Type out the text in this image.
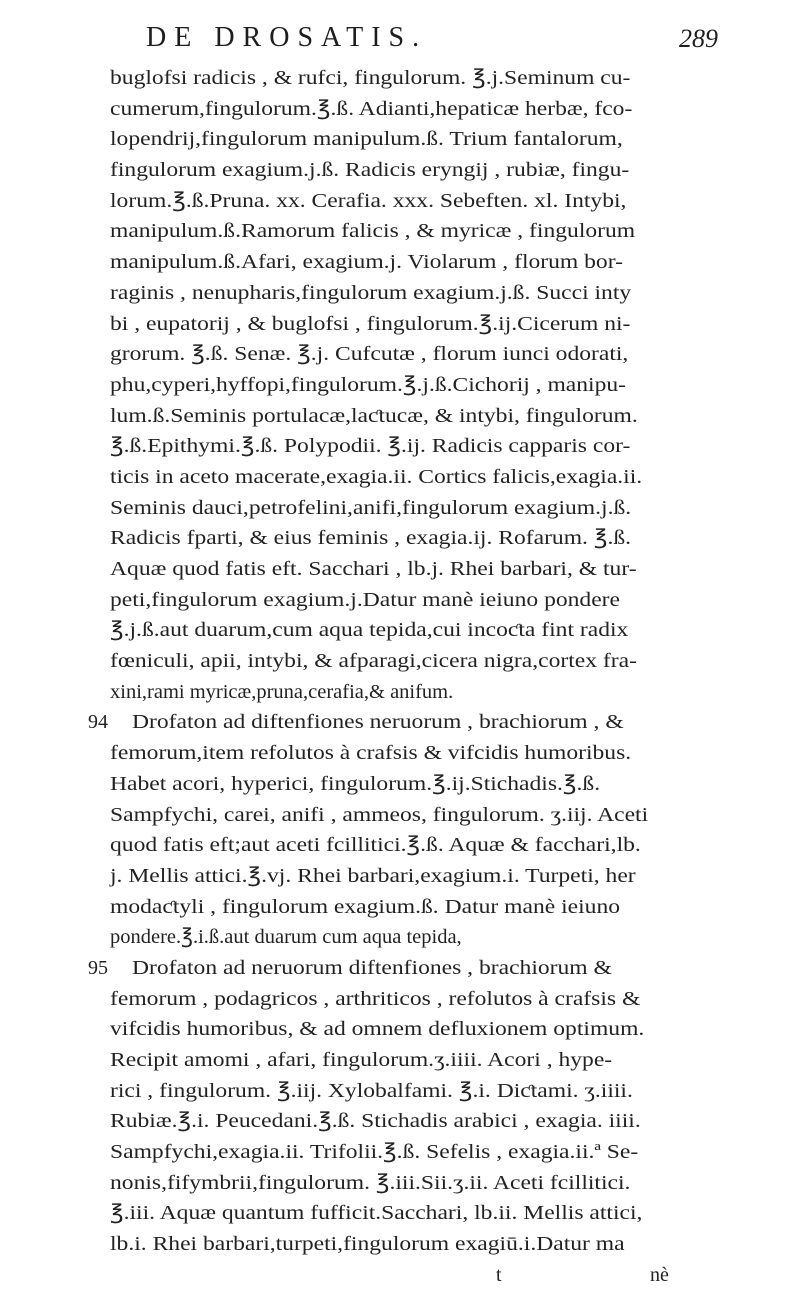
DE DROSATIS.	289
buglofsi radicis , & rufci, fingulorum. ℥.j.Seminum cu-
cumerum,fingulorum.℥.ß. Adianti,hepaticæ herbæ, fco-
lopendrij,fingulorum manipulum.ß. Trium fantalorum,
fingulorum exagium.j.ß. Radicis eryngij , rubiæ, fingu-
lorum.℥.ß.Pruna. xx. Cerafia. xxx. Sebeften. xl. Intybi,
manipulum.ß.Ramorum falicis , & myricæ , fingulorum
manipulum.ß.Afari, exagium.j. Violarum , florum bor-
raginis , nenupharis,fingulorum exagium.j.ß. Succi inty
bi , eupatorij , & buglofsi , fingulorum.℥.ij.Cicerum ni-
grorum. ℥.ß. Senæ. ℥.j. Cufcutæ , florum iunci odorati,
phu,cyperi,hyffopi,fingulorum.℥.j.ß.Cichorij , manipu-
lum.ß.Seminis portulacæ,laƈtucæ, & intybi, fingulorum.
℥.ß.Epithymi.℥.ß. Polypodii. ℥.ij. Radicis capparis cor-
ticis in aceto macerate,exagia.ii. Cortics falicis,exagia.ii.
Seminis dauci,petrofelini,anifi,fingulorum exagium.j.ß.
Radicis fparti, & eius feminis , exagia.ij. Rofarum. ℥.ß.
Aquæ quod fatis eft. Sacchari , lb.j. Rhei barbari, & tur-
peti,fingulorum exagium.j.Datur manè ieiuno pondere
℥.j.ß.aut duarum,cum aqua tepida,cui incoƈta fint radix
fœniculi, apii, intybi, & afparagi,cicera nigra,cortex fra-
xini,rami myricæ,pruna,cerafia,& anifum.
94 Drofaton ad diftenfiones neruorum , brachiorum , &
femorum,item refolutos à crafsis & vifcidis humoribus.
Habet acori, hyperici, fingulorum.℥.ij.Stichadis.℥.ß.
Sampfychi, carei, anifi , ammeos, fingulorum. ʒ.iij. Aceti
quod fatis eft;aut aceti fcillitici.℥.ß. Aquæ & facchari,lb.
j. Mellis attici.℥.vj. Rhei barbari,exagium.i. Turpeti, her
modaƈtyli , fingulorum exagium.ß. Datur manè ieiuno
pondere.℥.i.ß.aut duarum cum aqua tepida,
95 Drofaton ad neruorum diftenfiones , brachiorum &
femorum , podagricos , arthriticos , refolutos à crafsis &
vifcidis humoribus, & ad omnem defluxionem optimum.
Recipit amomi , afari, fingulorum.ʒ.iiii. Acori , hype-
rici , fingulorum. ℥.iij. Xylobalfami. ℥.i. Diƈtami. ʒ.iiii.
Rubiæ.℥.i. Peucedani.℥.ß. Stichadis arabici , exagia. iiii.
Sampfychi,exagia.ii. Trifolii.℥.ß. Sefelis , exagia.ii.ª Se-
nonis,fifymbrii,fingulorum. ℥.iii.Sii.ʒ.ii. Aceti fcillitici.
℥.iii. Aquæ quantum fufficit.Sacchari, lb.ii. Mellis attici,
lb.i. Rhei barbari,turpeti,fingulorum exagiū.i.Datur ma
t	nè
